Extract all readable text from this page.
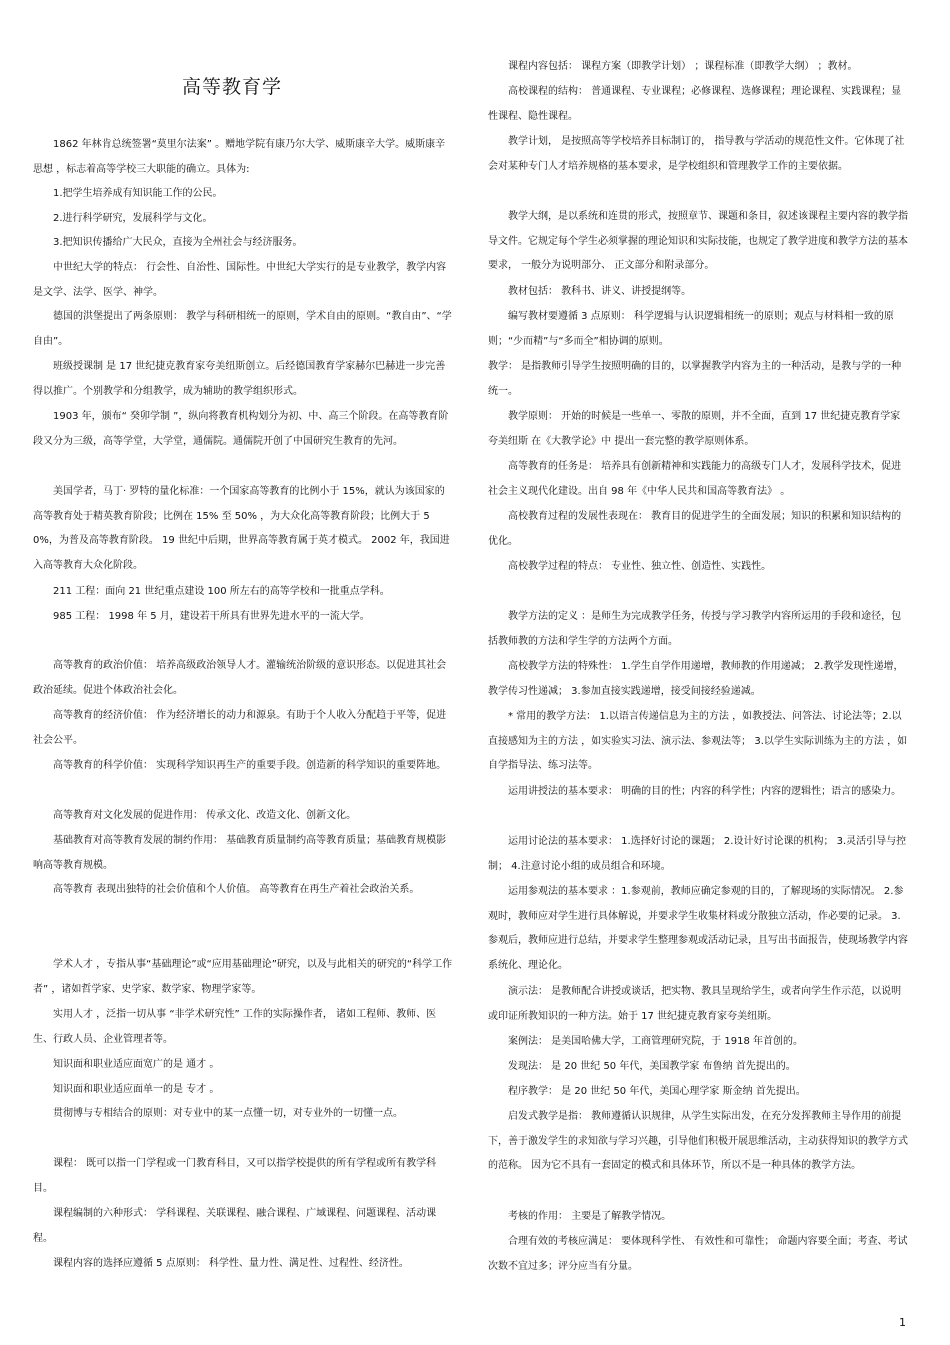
高等教育学
　　1862 年林肯总统签署“莫里尔法案” 。赠地学院有康乃尔大学、威斯康辛大学。威斯康辛思想 ，标志着高等学校三大职能的确立。具体为:
　　1.把学生培养成有知识能工作的公民。
　　2.进行科学研究，发展科学与文化。
　　3.把知识传播给广大民众，直接为全州社会与经济服务。
　　中世纪大学的特点： 行会性、自治性、国际性。中世纪大学实行的是专业教学，教学内容是文学、法学、医学、神学。
　　德国的洪堡提出了两条原则： 教学与科研相统一的原则，学术自由的原则。“教自由”、“学自由”。
　　班级授课制 是 17 世纪捷克教育家夸美纽斯创立。后经德国教育学家赫尔巴赫进一步完善得以推广。个别教学和分组教学，成为辅助的教学组织形式。
　　1903 年，颁布“ 癸卯学制 ”，纵向将教育机构划分为初、中、高三个阶段。在高等教育阶段又分为三级，高等学堂，大学堂，通儒院。通儒院开创了中国研究生教育的先河。
　　美国学者，马丁· 罗特的量化标准：一个国家高等教育的比例小于 15%，就认为该国家的高等教育处于精英教育阶段；比例在 15% 至 50% ，为大众化高等教育阶段；比例大于 50%，为普及高等教育阶段。 19 世纪中后期，世界高等教育属于英才模式。 2002 年，我国进入高等教育大众化阶段。
　　211 工程：面向 21 世纪重点建设 100 所左右的高等学校和一批重点学科。
　　985 工程： 1998 年 5 月，建设若干所具有世界先进水平的一流大学。
　　高等教育的政治价值： 培养高级政治领导人才。灌输统治阶级的意识形态。以促进其社会政治延续。促进个体政治社会化。
　　高等教育的经济价值： 作为经济增长的动力和源泉。有助于个人收入分配趋于平等，促进社会公平。
　　高等教育的科学价值： 实现科学知识再生产的重要手段。创造新的科学知识的重要阵地。
　　高等教育对文化发展的促进作用： 传承文化、改造文化、创新文化。
　　基础教育对高等教育发展的制约作用： 基础教育质量制约高等教育质量；基础教育规模影响高等教育规模。
　　高等教育 表现出独特的社会价值和个人价值。 高等教育在再生产着社会政治关系。
　　学术人才 ，专指从事“基础理论”或“应用基础理论”研究，以及与此相关的研究的“科学工作者” ，诸如哲学家、史学家、数学家、物理学家等。
　　实用人才 ，泛指一切从事 “非学术研究性” 工作的实际操作者， 诸如工程师、教师、医生、行政人员、企业管理者等。
　　知识面和职业适应面宽广的是 通才 。
　　知识面和职业适应面单一的是 专才 。
　　贯彻博与专相结合的原则：对专业中的某一点懂一切，对专业外的一切懂一点。
　　课程： 既可以指一门学程或一门教育科目，又可以指学校提供的所有学程或所有教学科目。
　　课程编制的六种形式： 学科课程、关联课程、融合课程、广域课程、问题课程、活动课程。
　　课程内容的选择应遵循 5 点原则： 科学性、量力性、满足性、过程性、经济性。
　　课程内容包括： 课程方案（即教学计划） ；课程标准（即教学大纲） ；教材。
　　高校课程的结构： 普通课程、专业课程；必修课程、选修课程；理论课程、实践课程；显性课程、隐性课程。
　　教学计划， 是按照高等学校培养目标制订的， 指导教与学活动的规范性文件。它体现了社会对某种专门人才培养规格的基本要求，是学校组织和管理教学工作的主要依据。
　　教学大纲，是以系统和连贯的形式，按照章节、课题和条目，叙述该课程主要内容的教学指导文件。它规定每个学生必须掌握的理论知识和实际技能，也规定了教学进度和教学方法的基本要求， 一般分为说明部分、 正文部分和附录部分。
　　教材包括： 教科书、讲义、讲授提纲等。
　　编写教材要遵循 3 点原则： 科学逻辑与认识逻辑相统一的原则；观点与材料相一致的原则；“少而精”与“多而全”相协调的原则。
教学： 是指教师引导学生按照明确的目的，以掌握教学内容为主的一种活动，是教与学的一种统一。
　　教学原则： 开始的时候是一些单一、零散的原则，并不全面，直到 17 世纪捷克教育学家 夸美纽斯 在《大教学论》中 提出一套完整的教学原则体系。
　　高等教育的任务是： 培养具有创新精神和实践能力的高级专门人才，发展科学技术，促进社会主义现代化建设。出自 98 年《中华人民共和国高等教育法》 。
　　高校教育过程的发展性表现在： 教育目的促进学生的全面发展；知识的积累和知识结构的优化。
　　高校教学过程的特点： 专业性、独立性、创造性、实践性。
　　教学方法的定义 ：是师生为完成教学任务，传授与学习教学内容所运用的手段和途径，包括教师教的方法和学生学的方法两个方面。
　　高校教学方法的特殊性： 1.学生自学作用递增，教师教的作用递减； 2.教学发现性递增，教学传习性递减； 3.参加直接实践递增，接受间接经验递减。
　　* 常用的教学方法： 1.以语言传递信息为主的方法 ，如教授法、问答法、讨论法等；2.以直接感知为主的方法 ，如实验实习法、演示法、参观法等； 3.以学生实际训练为主的方法 ，如自学指导法、练习法等。
　　运用讲授法的基本要求： 明确的目的性；内容的科学性；内容的逻辑性；语言的感染力。
　　运用讨论法的基本要求： 1.选择好讨论的课题； 2.设计好讨论课的机构； 3.灵活引导与控制； 4.注意讨论小组的成员组合和环境。
　　运用参观法的基本要求 ：1.参观前，教师应确定参观的目的，了解现场的实际情况。 2.参观时，教师应对学生进行具体解说，并要求学生收集材料或分散独立活动，作必要的记录。 3.参观后，教师应进行总结，并要求学生整理参观或活动记录，且写出书面报告，使现场教学内容系统化、理论化。
　　演示法： 是教师配合讲授或谈话，把实物、教具呈现给学生，或者向学生作示范，以说明或印证所教知识的一种方法。始于 17 世纪捷克教育家夸美纽斯。
　　案例法： 是美国哈佛大学，工商管理研究院，于 1918 年首创的。
　　发现法： 是 20 世纪 50 年代，美国教学家 布鲁纳 首先提出的。
　　程序教学： 是 20 世纪 50 年代，美国心理学家 斯金纳 首先提出。
　　启发式教学是指： 教师遵循认识规律，从学生实际出发，在充分发挥教师主导作用的前提下，善于激发学生的求知欲与学习兴趣，引导他们积极开展思维活动，主动获得知识的教学方式的范称。 因为它不具有一套固定的模式和具体环节，所以不是一种具体的教学方法。
　　考核的作用： 主要是了解教学情况。
　　合理有效的考核应满足： 要体现科学性、 有效性和可靠性； 命题内容要全面；考查、考试次数不宜过多；评分应当有分量。
1
